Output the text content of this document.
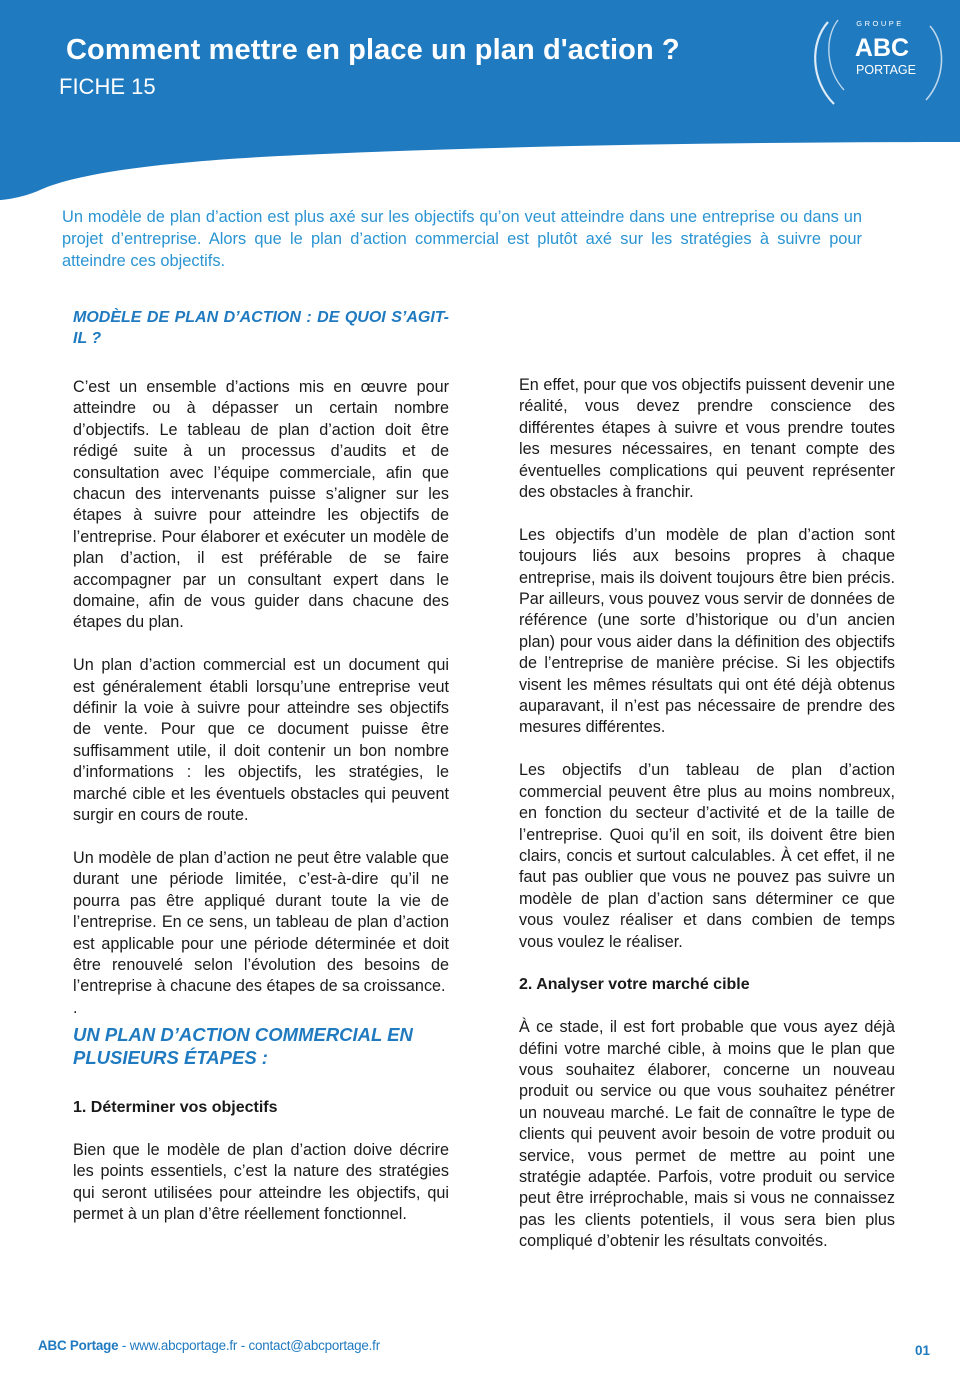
Comment mettre en place un plan d'action ?
FICHE 15
GROUPE
ABC
PORTAGE
Un modèle de plan d’action est plus axé sur les objectifs qu’on veut atteindre dans une entreprise ou dans un projet d’entreprise. Alors que le plan d’action commercial est plutôt axé sur les stratégies à suivre pour atteindre ces objectifs.
MODÈLE DE PLAN D’ACTION : DE QUOI S’AGIT-IL ?

C’est un ensemble d’actions mis en œuvre pour atteindre ou à dépasser un certain nombre d’objectifs. Le tableau de plan d’action doit être rédigé suite à un processus d’audits et de consultation avec l’équipe commerciale, afin que chacun des intervenants puisse s’aligner sur les étapes à suivre pour atteindre les objectifs de l’entreprise. Pour élaborer et exécuter un modèle de plan d’action, il est préférable de se faire accompagner par un consultant expert dans le domaine, afin de vous guider dans chacune des étapes du plan.

Un plan d’action commercial est un document qui est généralement établi lorsqu’une entreprise veut définir la voie à suivre pour atteindre ses objectifs de vente. Pour que ce document puisse être suffisamment utile, il doit contenir un bon nombre d’informations : les objectifs, les stratégies, le marché cible et les éventuels obstacles qui peuvent surgir en cours de route.

Un modèle de plan d’action ne peut être valable que durant une période limitée, c’est-à-dire qu’il ne pourra pas être appliqué durant toute la vie de l’entreprise. En ce sens, un tableau de plan d’action est applicable pour une période déterminée et doit être renouvelé selon l’évolution des besoins de l’entreprise à chacune des étapes de sa croissance.

.
UN PLAN D’ACTION COMMERCIAL EN PLUSIEURS ÉTAPES :
1. Déterminer vos objectifs

Bien que le modèle de plan d’action doive décrire les points essentiels, c’est la nature des stratégies qui seront utilisées pour atteindre les objectifs, qui permet à un plan d’être réellement fonctionnel.

En effet, pour que vos objectifs puissent devenir une réalité, vous devez prendre conscience des différentes étapes à suivre et vous prendre toutes les mesures nécessaires, en tenant compte des éventuelles complications qui peuvent représenter des obstacles à franchir.

Les objectifs d’un modèle de plan d’action sont toujours liés aux besoins propres à chaque entreprise, mais ils doivent toujours être bien précis. Par ailleurs, vous pouvez vous servir de données de référence (une sorte d’historique ou d’un ancien plan) pour vous aider dans la définition des objectifs de l’entreprise de manière précise. Si les objectifs visent les mêmes résultats qui ont été déjà obtenus auparavant, il n’est pas nécessaire de prendre des mesures différentes.

Les objectifs d’un tableau de plan d’action commercial peuvent être plus au moins nombreux, en fonction du secteur d’activité et de la taille de l’entreprise. Quoi qu’il en soit, ils doivent être bien clairs, concis et surtout calculables. À cet effet, il ne faut pas oublier que vous ne pouvez pas suivre un modèle de plan d’action sans déterminer ce que vous voulez réaliser et dans combien de temps vous voulez le réaliser.

2. Analyser votre marché cible

À ce stade, il est fort probable que vous ayez déjà défini votre marché cible, à moins que le plan que vous souhaitez élaborer, concerne un nouveau produit ou service ou que vous souhaitez pénétrer un nouveau marché. Le fait de connaître le type de clients qui peuvent avoir besoin de votre produit ou service, vous permet de mettre au point une stratégie adaptée. Parfois, votre produit ou service peut être irréprochable, mais si vous ne connaissez pas les clients potentiels, il vous sera bien plus compliqué d’obtenir les résultats convoités.

ABC Portage - www.abcportage.fr - contact@abcportage.fr	01
